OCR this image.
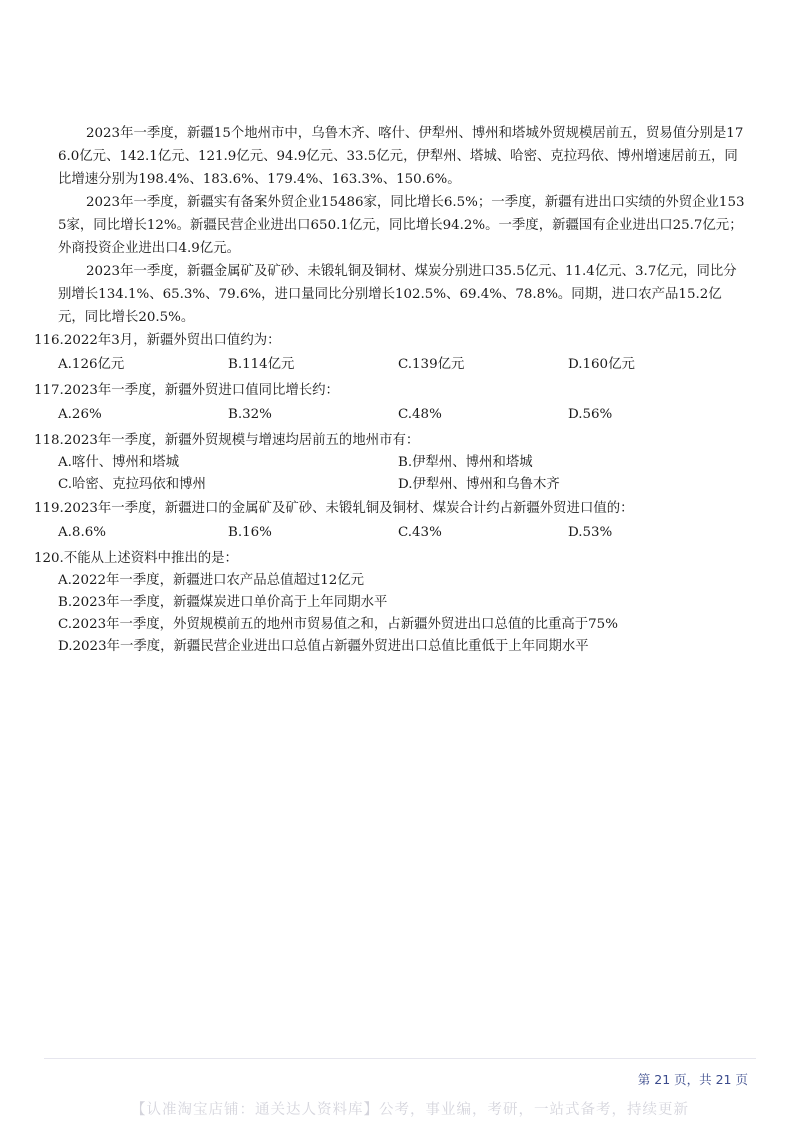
2023年一季度，新疆15个地州市中，乌鲁木齐、喀什、伊犁州、博州和塔城外贸规模居前五，贸易值分别是176.0亿元、142.1亿元、121.9亿元、94.9亿元、33.5亿元，伊犁州、塔城、哈密、克拉玛依、博州增速居前五，同比增速分别为198.4%、183.6%、179.4%、163.3%、150.6%。

2023年一季度，新疆实有备案外贸企业15486家，同比增长6.5%；一季度，新疆有进出口实绩的外贸企业1535家，同比增长12%。新疆民营企业进出口650.1亿元，同比增长94.2%。一季度，新疆国有企业进出口25.7亿元；外商投资企业进出口4.9亿元。

2023年一季度，新疆金属矿及矿砂、未锻轧铜及铜材、煤炭分别进口35.5亿元、11.4亿元、3.7亿元，同比分别增长134.1%、65.3%、79.6%，进口量同比分别增长102.5%、69.4%、78.8%。同期，进口农产品15.2亿元，同比增长20.5%。

116.2022年3月，新疆外贸出口值约为：

A.126亿元	B.114亿元	C.139亿元	D.160亿元

117.2023年一季度，新疆外贸进口值同比增长约：

A.26%	B.32%	C.48%	D.56%

118.2023年一季度，新疆外贸规模与增速均居前五的地州市有：

A.喀什、博州和塔城	B.伊犁州、博州和塔城
C.哈密、克拉玛依和博州	D.伊犁州、博州和乌鲁木齐

119.2023年一季度，新疆进口的金属矿及矿砂、未锻轧铜及铜材、煤炭合计约占新疆外贸进口值的：

A.8.6%	B.16%	C.43%	D.53%

120.不能从上述资料中推出的是：

A.2022年一季度，新疆进口农产品总值超过12亿元

B.2023年一季度，新疆煤炭进口单价高于上年同期水平

C.2023年一季度，外贸规模前五的地州市贸易值之和，占新疆外贸进出口总值的比重高于75%

D.2023年一季度，新疆民营企业进出口总值占新疆外贸进出口总值比重低于上年同期水平

第 21 页，共 21 页
【认准淘宝店铺：通关达人资料库】公考，事业编，考研，一站式备考，持续更新
